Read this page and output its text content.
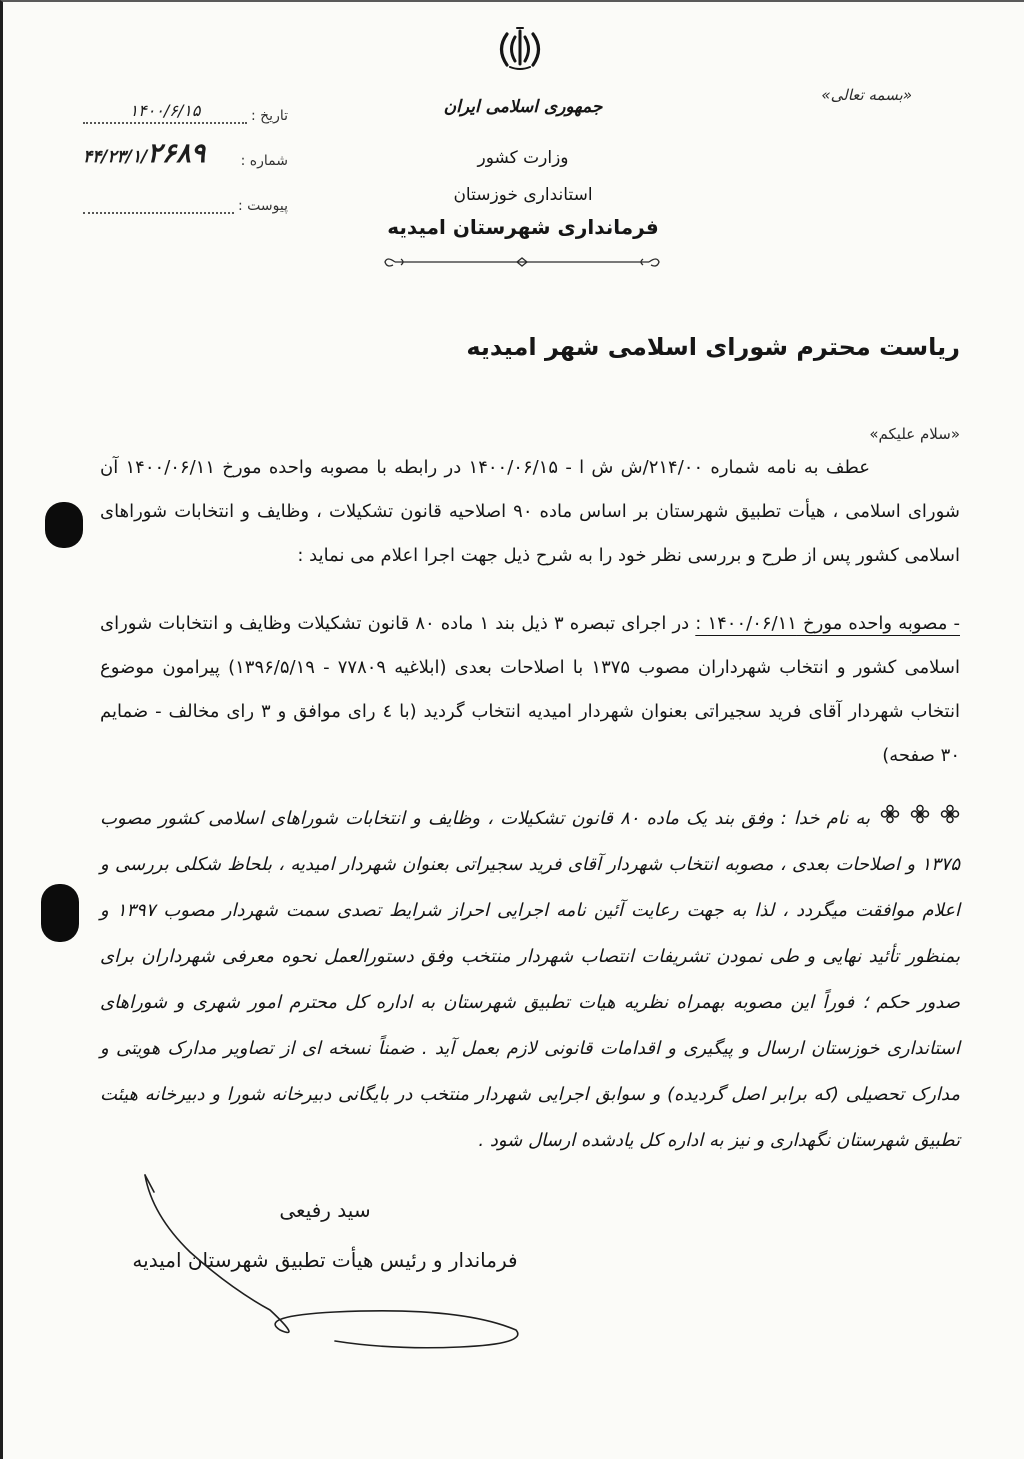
«بسمه تعالی»
جمهوری اسلامی ایران
وزارت کشور
استانداری خوزستان
فرمانداری شهرستان امیدیه
تاریخ :
۱۴۰۰/۶/۱۵
شماره :
۴۴/۲۳/۱/۲۶۸۹
پیوست :

ریاست محترم شورای اسلامی شهر امیدیه

«سلام علیکم»

عطف به نامه شماره ۲۱۴/۰۰/ش ش ا - ۱۴۰۰/۰۶/۱۵ در رابطه با مصوبه واحده مورخ ۱۴۰۰/۰۶/۱۱ آن شورای اسلامی ، هیأت تطبیق شهرستان بر اساس ماده ۹۰ اصلاحیه قانون تشکیلات ، وظایف و انتخابات شوراهای اسلامی کشور پس از طرح و بررسی نظر خود را به شرح ذیل جهت اجرا اعلام می نماید :

- مصوبه واحده مورخ ۱۴۰۰/۰۶/۱۱ : در اجرای تبصره ۳ ذیل بند ۱ ماده ۸۰ قانون تشکیلات وظایف و انتخابات شورای اسلامی کشور و انتخاب شهرداران مصوب ۱۳۷۵ با اصلاحات بعدی (ابلاغیه ۷۷۸۰۹ - ۱۳۹۶/۵/۱۹) پیرامون موضوع انتخاب شهردار آقای فرید سجیراتی بعنوان شهردار امیدیه انتخاب گردید (با ٤ رای موافق و ۳ رای مخالف - ضمایم ۳۰ صفحه)

به نام خدا : وفق بند یک ماده ۸۰ قانون تشکیلات ، وظایف و انتخابات شوراهای اسلامی کشور مصوب ۱۳۷۵ و اصلاحات بعدی ، مصوبه انتخاب شهردار آقای فرید سجیراتی بعنوان شهردار امیدیه ، بلحاظ شکلی بررسی و اعلام موافقت میگردد ، لذا به جهت رعایت آئین نامه اجرایی احراز شرایط تصدی سمت شهردار مصوب ۱۳۹۷ و بمنظور تأئید نهایی و طی نمودن تشریفات انتصاب شهردار منتخب وفق دستورالعمل نحوه معرفی شهرداران برای صدور حکم ؛ فوراً این مصوبه بهمراه نظریه هیات تطبیق شهرستان به اداره کل محترم امور شهری و شوراهای استانداری خوزستان ارسال و پیگیری و اقدامات قانونی لازم بعمل آید . ضمناً نسخه ای از تصاویر مدارک هویتی و مدارک تحصیلی (که برابر اصل گردیده) و سوابق اجرایی شهردار منتخب در بایگانی دبیرخانه شورا و دبیرخانه هیئت تطبیق شهرستان نگهداری و نیز به اداره کل یادشده ارسال شود .

سید رفیعی

فرماندار و رئیس هیأت تطبیق شهرستان امیدیه
